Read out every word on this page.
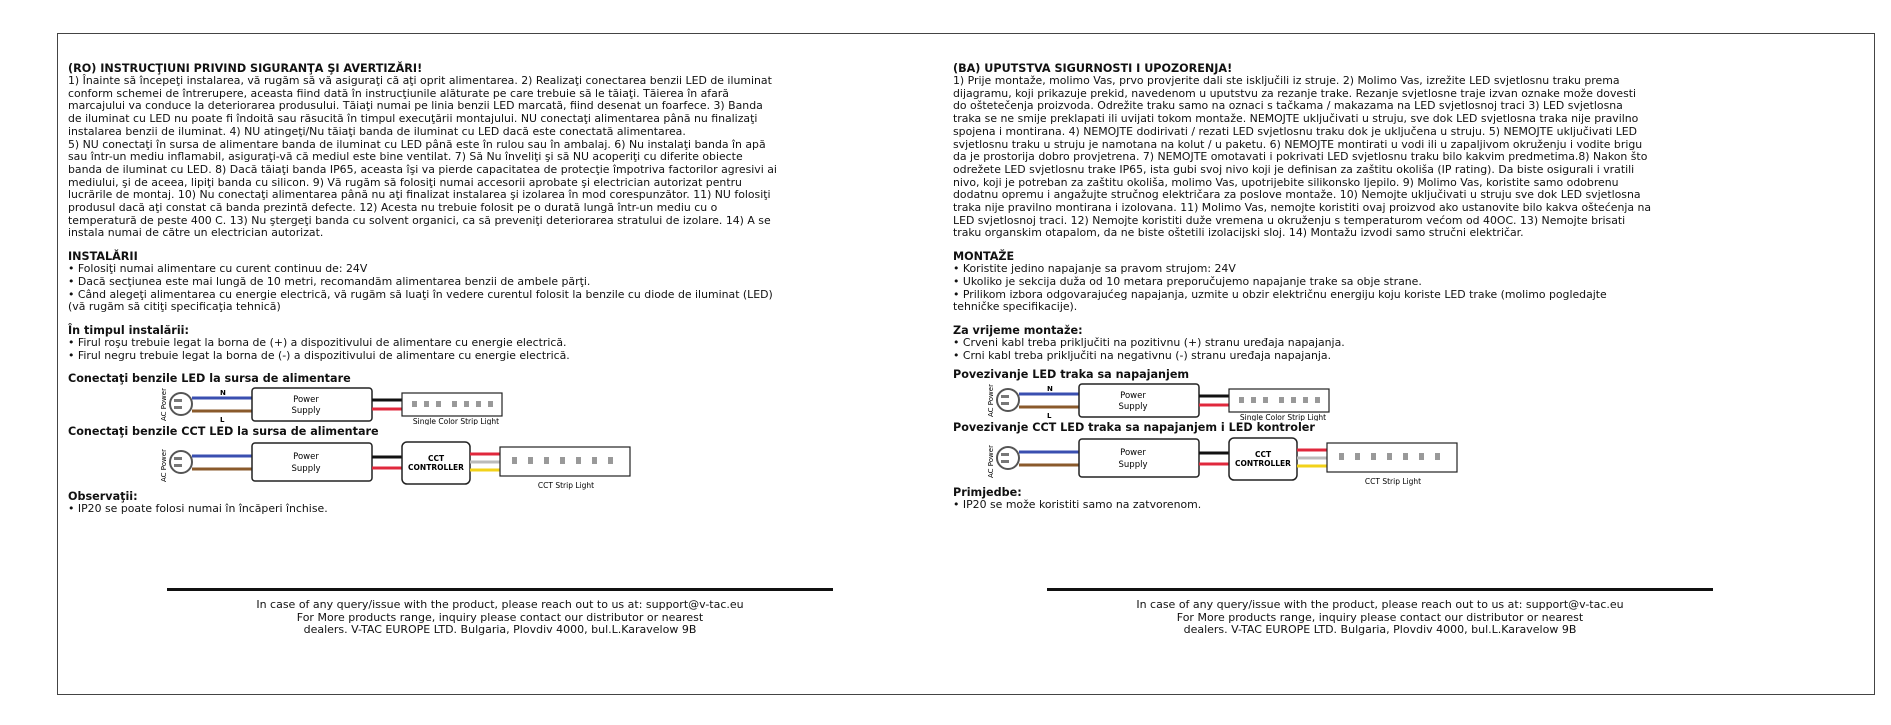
(RO) INSTRUCŢIUNI PRIVIND SIGURANŢA ŞI AVERTIZĂRI!

1) Înainte să începeţi instalarea, vă rugăm să vă asiguraţi că aţi oprit alimentarea. 2) Realizaţi conectarea benzii LED de iluminat

conform schemei de întrerupere, aceasta fiind dată în instrucţiunile alăturate pe care trebuie să le tăiaţi. Tăierea în afară

marcajului va conduce la deteriorarea produsului. Tăiaţi numai pe linia benzii LED marcată, fiind desenat un foarfece. 3) Banda

de iluminat cu LED nu poate fi îndoită sau răsucită în timpul execuţării montajului. NU conectaţi alimentarea până nu finalizaţi

instalarea benzii de iluminat. 4) NU atingeţi/Nu tăiaţi banda de iluminat cu LED dacă este conectată alimentarea.

5) NU conectaţi în sursa de alimentare banda de iluminat cu LED până este în rulou sau în ambalaj. 6) Nu instalaţi banda în apă

sau într-un mediu inflamabil, asiguraţi-vă că mediul este bine ventilat. 7) Să Nu înveliţi şi să NU acoperiţi cu diferite obiecte

banda de iluminat cu LED. 8) Dacă tăiaţi banda IP65, aceasta îşi va pierde capacitatea de protecţie împotriva factorilor agresivi ai

mediului, şi de aceea, lipiţi banda cu silicon. 9) Vă rugăm să folosiţi numai accesorii aprobate şi electrician autorizat pentru

lucrările de montaj. 10) Nu conectaţi alimentarea până nu aţi finalizat instalarea şi izolarea în mod corespunzător. 11) NU folosiţi

produsul dacă aţi constat că banda prezintă defecte. 12) Acesta nu trebuie folosit pe o durată lungă într-un mediu cu o

temperatură de peste 400 C. 13) Nu ştergeţi banda cu solvent organici, ca să preveniţi deteriorarea stratului de izolare. 14) A se

instala numai de către un electrician autorizat.

INSTALĂRII

• Folosiţi numai alimentare cu curent continuu de: 24V

• Dacă secţiunea este mai lungă de 10 metri, recomandăm alimentarea benzii de ambele părţi.

• Când alegeţi alimentarea cu energie electrică, vă rugăm să luaţi în vedere curentul folosit la benzile cu diode de iluminat (LED)

(vă rugăm să citiţi specificaţia tehnică)

În timpul instalării:

• Firul roşu trebuie legat la borna de (+) a dispozitivului de alimentare cu energie electrică.

• Firul negru trebuie legat la borna de (-) a dispozitivului de alimentare cu energie electrică.

Conectaţi benzile LED la sursa de alimentare
AC Power	N
L
Power
Supply
Single Color Strip Light
Conectaţi benzile CCT LED la sursa de alimentare
AC Power	Power
Supply
CCT
CONTROLLER
CCT Strip Light
Observaţii:

• IP20 se poate folosi numai în încăperi închise.

(BA) UPUTSTVA SIGURNOSTI I UPOZORENJA!

1) Prije montaže, molimo Vas, prvo provjerite dali ste isključili iz struje. 2) Molimo Vas, izrežite LED svjetlosnu traku prema

dijagramu, koji prikazuje prekid, navedenom u uputstvu za rezanje trake. Rezanje svjetlosne traje izvan oznake može dovesti

do oštetečenja proizvoda. Odrežite traku samo na oznaci s tačkama / makazama na LED svjetlosnoj traci 3) LED svjetlosna

traka se ne smije preklapati ili uvijati tokom montaže. NEMOJTE uključivati u struju, sve dok LED svjetlosna traka nije pravilno

spojena i montirana. 4) NEMOJTE dodirivati / rezati LED svjetlosnu traku dok je uključena u struju. 5) NEMOJTE uključivati LED

svjetlosnu traku u struju je namotana na kolut / u paketu. 6) NEMOJTE montirati u vodi ili u zapaljivom okruženju i vodite brigu

da je prostorija dobro provjetrena. 7) NEMOJTE omotavati i pokrivati LED svjetlosnu traku bilo kakvim predmetima.8) Nakon što

odrežete LED svjetlosnu trake IP65, ista gubi svoj nivo koji je definisan za zaštitu okoliša (IP rating). Da biste osigurali i vratili

nivo, koji je potreban za zaštitu okoliša, molimo Vas, upotrijebite silikonsko ljepilo. 9) Molimo Vas, koristite samo odobrenu

dodatnu opremu i angažujte stručnog električara za poslove montaže. 10) Nemojte uključivati u struju sve dok LED svjetlosna

traka nije pravilno montirana i izolovana. 11) Molimo Vas, nemojte koristiti ovaj proizvod ako ustanovite bilo kakva oštećenja na

LED svjetlosnoj traci. 12) Nemojte koristiti duže vremena u okruženju s temperaturom većom od 40OC. 13) Nemojte brisati

traku organskim otapalom, da ne biste oštetili izolacijski sloj. 14) Montažu izvodi samo stručni električar.

MONTAŽE

• Koristite jedino napajanje sa pravom strujom: 24V

• Ukoliko je sekcija duža od 10 metara preporučujemo napajanje trake sa obje strane.

• Prilikom izbora odgovarajućeg napajanja, uzmite u obzir električnu energiju koju koriste LED trake (molimo pogledajte

tehničke specifikacije).

Za vrijeme montaže:

• Crveni kabl treba priključiti na pozitivnu (+) stranu uređaja napajanja.

• Crni kabl treba priključiti na negativnu (-) stranu uređaja napajanja.

Povezivanje LED traka sa napajanjem
AC Power	N
L
Power
Supply
Single Color Strip Light
Povezivanje CCT LED traka sa napajanjem i LED kontroler
AC Power	Power
Supply
CCT
CONTROLLER
CCT Strip Light
Primjedbe:

• IP20 se može koristiti samo na zatvorenom.

In case of any query/issue with the product, please reach out to us at: support@v-tac.eu
For More products range, inquiry please contact our distributor or nearest
dealers. V-TAC EUROPE LTD. Bulgaria, Plovdiv 4000, bul.L.Karavelow 9B
In case of any query/issue with the product, please reach out to us at: support@v-tac.eu
For More products range, inquiry please contact our distributor or nearest
dealers. V-TAC EUROPE LTD. Bulgaria, Plovdiv 4000, bul.L.Karavelow 9B
